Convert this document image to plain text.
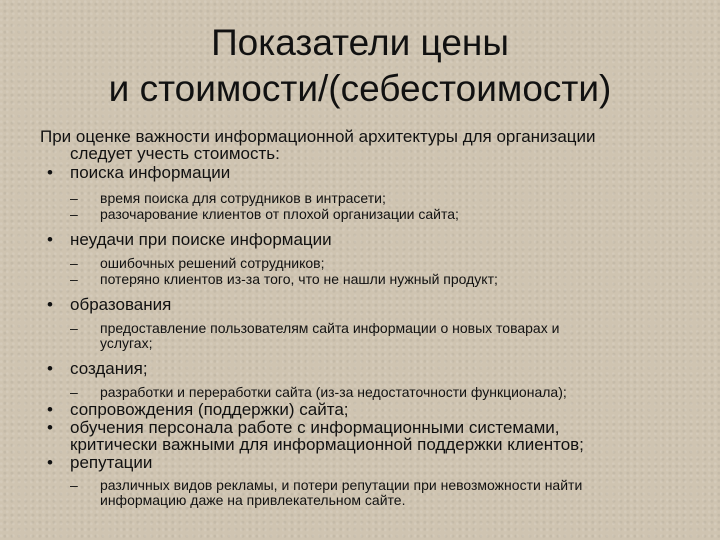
Показатели цены
и стоимости/(себестоимости)
При оценке важности информационной архитектуры для организации
следует учесть стоимость:
•	поиска информации
– время поиска для сотрудников в интрасети;
– разочарование клиентов от плохой организации сайта;
•	неудачи при поиске информации
– ошибочных решений сотрудников;
– потеряно клиентов из-за того, что не нашли нужный продукт;
•	образования
– предоставление пользователям сайта информации о новых товарах и
услугах;
•	создания;
– разработки и переработки сайта (из-за недостаточности функционала);
•	сопровождения (поддержки) сайта;
•	обучения персонала работе с информационными системами,
критически важными для информационной поддержки клиентов;
•	репутации
– различных видов рекламы, и потери репутации при невозможности найти
информацию даже на привлекательном сайте.
